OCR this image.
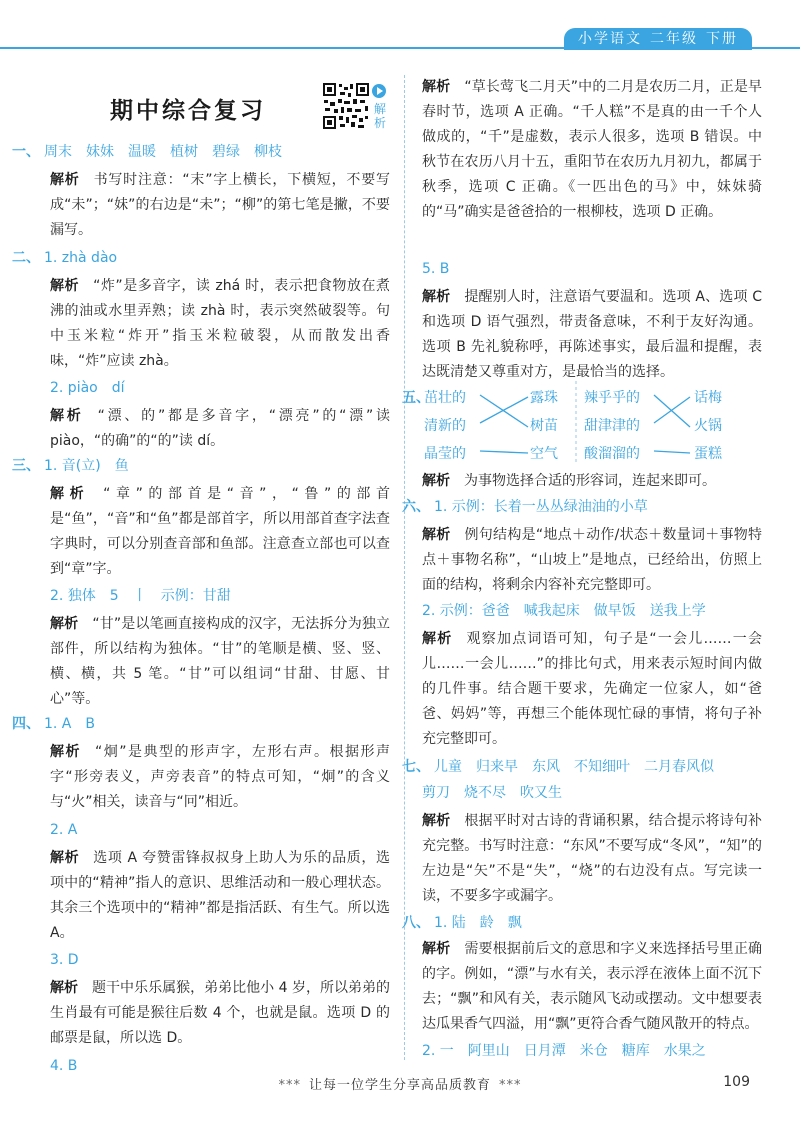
小学语文 二年级 下册
期中综合复习	解析
一、 周末　妹妹　温暖　植树　碧绿　柳枝
解析 书写时注意：“末”字上横长，下横短，不要写成“未”；“妹”的右边是“未”；“柳”的第七笔是撇，不要漏写。
二、 1. zhà dào
解析 “炸”是多音字，读 zhá 时，表示把食物放在煮沸的油或水里弄熟；读 zhà 时，表示突然破裂等。句中玉米粒“炸开”指玉米粒破裂，从而散发出香味，“炸”应读 zhà。
2. piào　dí
解析 “漂、的”都是多音字，“漂亮”的“漂”读 piào，“的确”的“的”读 dí。
三、 1. 音(立)　鱼
解析 “章”的部首是“音”，“鲁”的部首是“鱼”，“音”和“鱼”都是部首字，所以用部首查字法查字典时，可以分别查音部和鱼部。注意查立部也可以查到“章”字。
2. 独体　5　丨　示例：甘甜
解析 “甘”是以笔画直接构成的汉字，无法拆分为独立部件，所以结构为独体。“甘”的笔顺是横、竖、竖、横、横，共 5 笔。“甘”可以组词“甘甜、甘愿、甘心”等。
四、 1. A　B
解析 “炯”是典型的形声字，左形右声。根据形声字“形旁表义，声旁表音”的特点可知，“炯”的含义与“火”相关，读音与“冋”相近。
2. A
解析 选项 A 夸赞雷锋叔叔身上助人为乐的品质，选项中的“精神”指人的意识、思维活动和一般心理状态。其余三个选项中的“精神”都是指活跃、有生气。所以选 A。
3. D
解析 题干中乐乐属猴，弟弟比他小 4 岁，所以弟弟的生肖最有可能是猴往后数 4 个，也就是鼠。选项 D 的邮票是鼠，所以选 D。
4. B
解析 “草长莺飞二月天”中的二月是农历二月，正是早春时节，选项 A 正确。“千人糕”不是真的由一千个人做成的，“千”是虚数，表示人很多，选项 B 错误。中秋节在农历八月十五，重阳节在农历九月初九，都属于秋季，选项 C 正确。《一匹出色的马》中，妹妹骑的“马”确实是爸爸拾的一根柳枝，选项 D 正确。
5. B
解析 提醒别人时，注意语气要温和。选项 A、选项 C 和选项 D 语气强烈，带责备意味，不利于友好沟通。选项 B 先礼貌称呼，再陈述事实，最后温和提醒，表达既清楚又尊重对方，是最恰当的选择。
五、
茁壮的
清新的
晶莹的
露珠
树苗
空气
辣乎乎的
甜津津的
酸溜溜的
话梅
火锅
蛋糕
解析 为事物选择合适的形容词，连起来即可。
六、 1. 示例：长着一丛丛绿油油的小草
解析 例句结构是“地点＋动作/状态＋数量词＋事物特点＋事物名称”，“山坡上”是地点，已经给出，仿照上面的结构，将剩余内容补充完整即可。
2. 示例：爸爸　喊我起床　做早饭　送我上学
解析 观察加点词语可知，句子是“一会儿……一会儿……一会儿……”的排比句式，用来表示短时间内做的几件事。结合题干要求，先确定一位家人，如“爸爸、妈妈”等，再想三个能体现忙碌的事情，将句子补充完整即可。
七、 儿童　归来早　东风　不知细叶　二月春风似
剪刀　烧不尽　吹又生
解析 根据平时对古诗的背诵积累，结合提示将诗句补充完整。书写时注意：“东风”不要写成“冬风”，“知”的左边是“矢”不是“失”，“烧”的右边没有点。写完读一读，不要多字或漏字。
八、 1. 陆　龄　飘
解析 需要根据前后文的意思和字义来选择括号里正确的字。例如，“漂”与水有关，表示浮在液体上面不沉下去；“飘”和风有关，表示随风飞动或摆动。文中想要表达瓜果香气四溢，用“飘”更符合香气随风散开的特点。
2. 一　阿里山　日月潭　米仓　糖库　水果之
*** 让每一位学生分享高品质教育 ***	109
